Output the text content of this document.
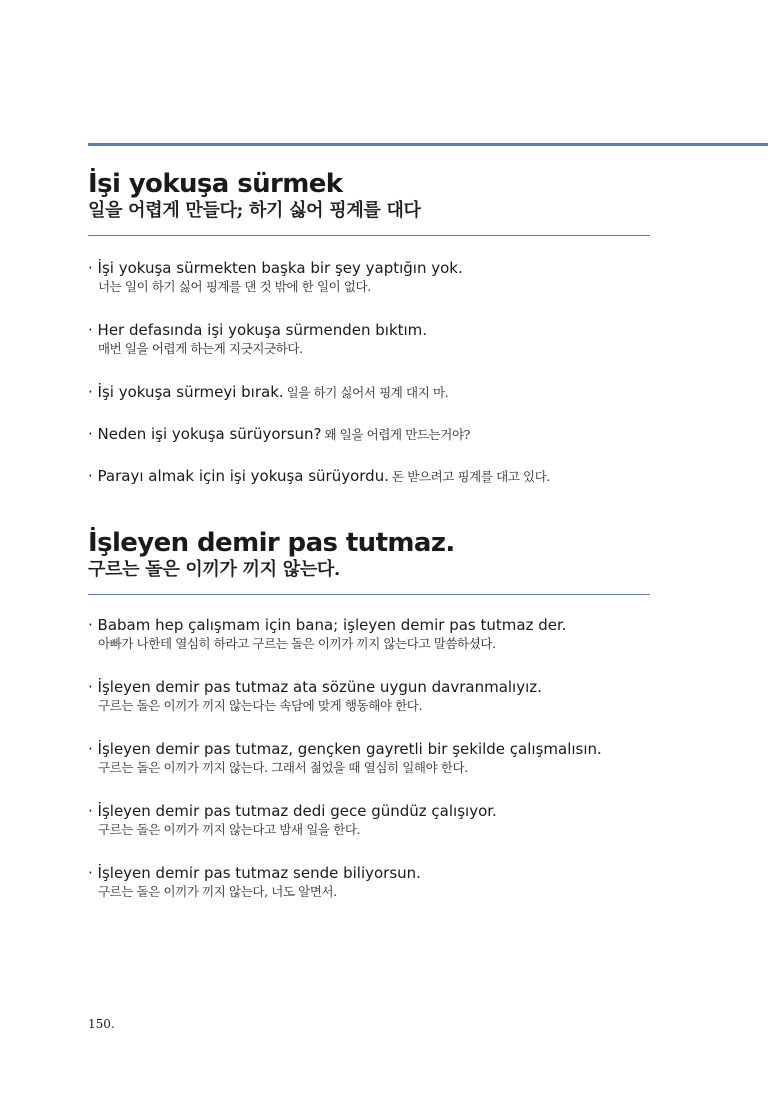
İşi yokuşa sürmek

일을 어렵게 만들다; 하기 싫어 핑계를 대다

· İşi yokuşa sürmekten başka bir şey yaptığın yok.
너는 일이 하기 싫어 핑계를 댄 것 밖에 한 일이 없다.
· Her defasında işi yokuşa sürmenden bıktım.
매번 일을 어렵게 하는게 지긋지긋하다.
· İşi yokuşa sürmeyi bırak. 일을 하기 싫어서 핑계 대지 마.
· Neden işi yokuşa sürüyorsun? 왜 일을 어렵게 만드는거야?
· Parayı almak için işi yokuşa sürüyordu. 돈 받으려고 핑계를 대고 있다.
İşleyen demir pas tutmaz.

구르는 돌은 이끼가 끼지 않는다.

· Babam hep çalışmam için bana; işleyen demir pas tutmaz der.
아빠가 나한테 열심히 하라고 구르는 돌은 이끼가 끼지 않는다고 말씀하셨다.
· İşleyen demir pas tutmaz ata sözüne uygun davranmalıyız.
구르는 돌은 이끼가 끼지 않는다는 속담에 맞게 행동해야 한다.
· İşleyen demir pas tutmaz, gençken gayretli bir şekilde çalışmalısın.
구르는 돌은 이끼가 끼지 않는다. 그래서 젊었을 때 열심히 일해야 한다.
· İşleyen demir pas tutmaz dedi gece gündüz çalışıyor.
구르는 돌은 이끼가 끼지 않는다고 밤새 일을 한다.
· İşleyen demir pas tutmaz sende biliyorsun.
구르는 돌은 이끼가 끼지 않는다, 너도 알면서.
150.
